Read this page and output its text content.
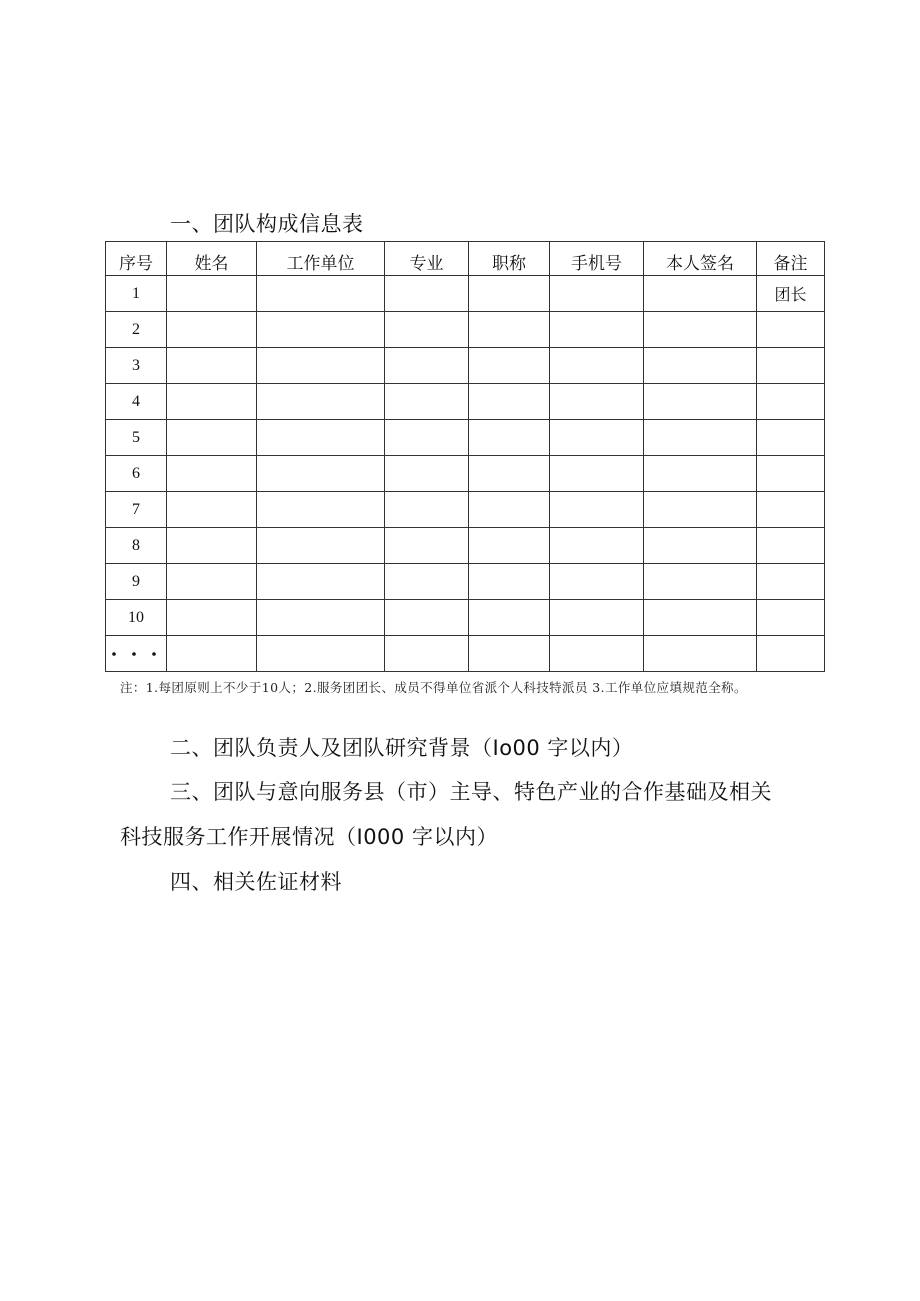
一、团队构成信息表
序号	姓名	工作单位	专业	职称	手机号	本人签名	备注
1							团长
2							
3							
4							
5							
6							
7							
8							
9							
10							
・・・							
注：1.每团原则上不少于10人；2.服务团团长、成员不得单位省派个人科技特派员 3.工作单位应填规范全称。
二、团队负责人及团队研究背景（Io00 字以内）
三、团队与意向服务县（市）主导、特色产业的合作基础及相关
科技服务工作开展情况（I000 字以内）
四、相关佐证材料
